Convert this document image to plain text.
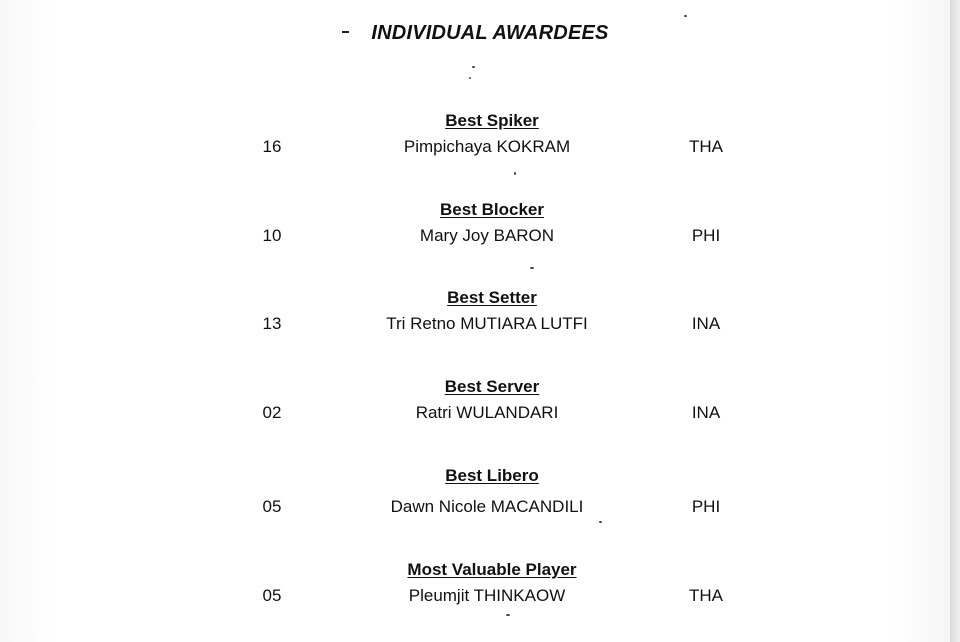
INDIVIDUAL AWARDEES
Best Spiker
16	Pimpichaya KOKRAM	THA
Best Blocker
10	Mary Joy BARON	PHI
Best Setter
13	Tri Retno MUTIARA LUTFI	INA
Best Server
02	Ratri WULANDARI	INA
Best Libero
05	Dawn Nicole MACANDILI	PHI
Most Valuable Player
05	Pleumjit THINKAOW	THA
